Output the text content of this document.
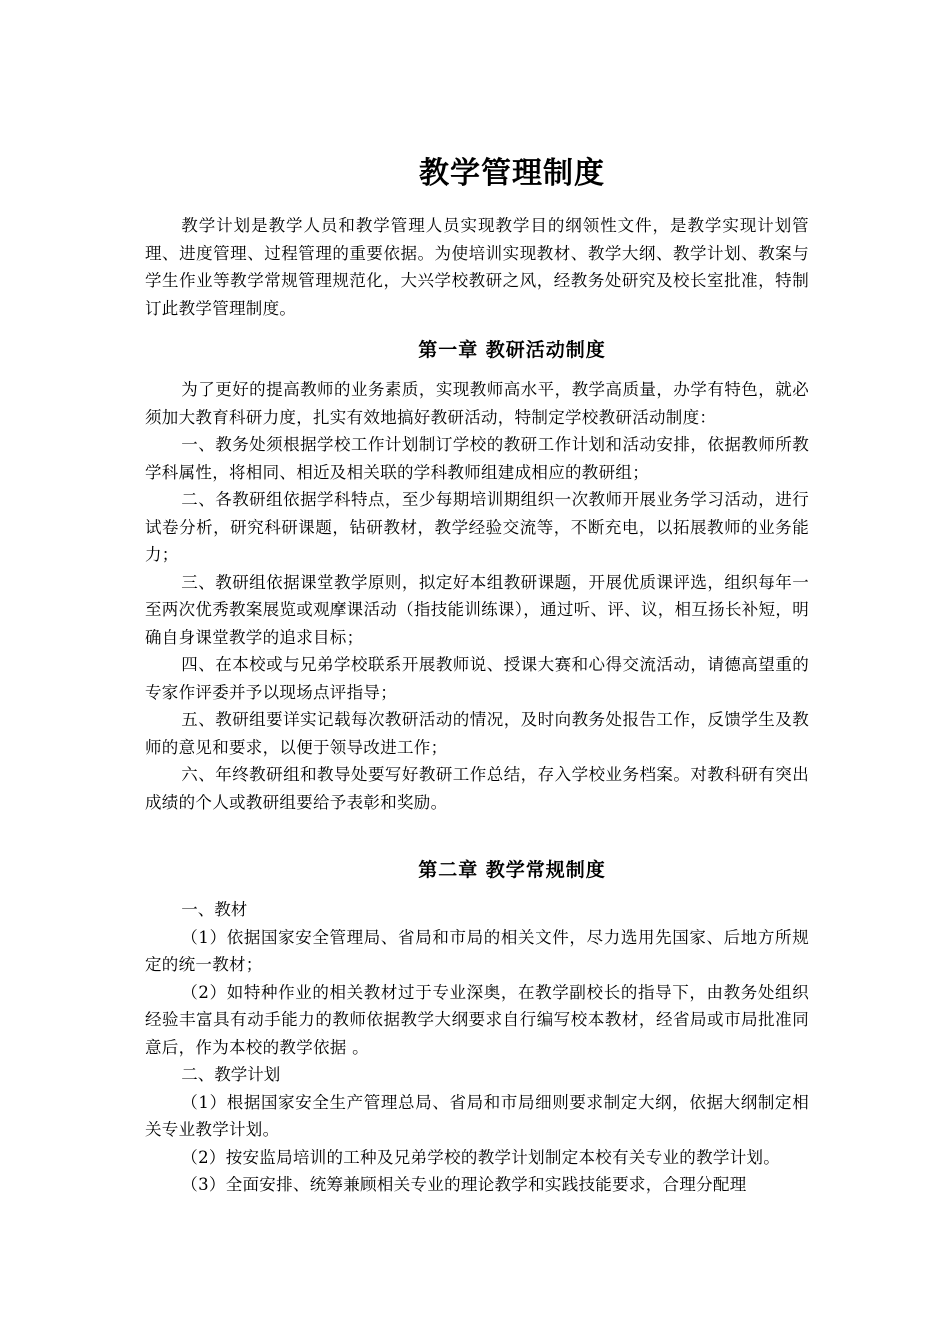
教学管理制度

教学计划是教学人员和教学管理人员实现教学目的纲领性文件，是教学实现计划管理、进度管理、过程管理的重要依据。为使培训实现教材、教学大纲、教学计划、教案与学生作业等教学常规管理规范化，大兴学校教研之风，经教务处研究及校长室批准，特制订此教学管理制度。

第一章 教研活动制度

为了更好的提高教师的业务素质，实现教师高水平，教学高质量，办学有特色，就必须加大教育科研力度，扎实有效地搞好教研活动，特制定学校教研活动制度：

一、教务处须根据学校工作计划制订学校的教研工作计划和活动安排，依据教师所教学科属性，将相同、相近及相关联的学科教师组建成相应的教研组；

二、各教研组依据学科特点，至少每期培训期组织一次教师开展业务学习活动，进行试卷分析，研究科研课题，钻研教材，教学经验交流等，不断充电，以拓展教师的业务能力；

三、教研组依据课堂教学原则，拟定好本组教研课题，开展优质课评选，组织每年一至两次优秀教案展览或观摩课活动（指技能训练课），通过听、评、议，相互扬长补短，明确自身课堂教学的追求目标；

四、在本校或与兄弟学校联系开展教师说、授课大赛和心得交流活动，请德高望重的专家作评委并予以现场点评指导；

五、教研组要详实记载每次教研活动的情况，及时向教务处报告工作，反馈学生及教师的意见和要求，以便于领导改进工作；

六、年终教研组和教导处要写好教研工作总结，存入学校业务档案。对教科研有突出成绩的个人或教研组要给予表彰和奖励。

第二章 教学常规制度

一、教材

（1）依据国家安全管理局、省局和市局的相关文件，尽力选用先国家、后地方所规定的统一教材；

（2）如特种作业的相关教材过于专业深奥，在教学副校长的指导下，由教务处组织经验丰富具有动手能力的教师依据教学大纲要求自行编写校本教材，经省局或市局批准同意后，作为本校的教学依据 。

二、教学计划

（1）根据国家安全生产管理总局、省局和市局细则要求制定大纲，依据大纲制定相关专业教学计划。

（2）按安监局培训的工种及兄弟学校的教学计划制定本校有关专业的教学计划。

（3）全面安排、统筹兼顾相关专业的理论教学和实践技能要求，合理分配理
